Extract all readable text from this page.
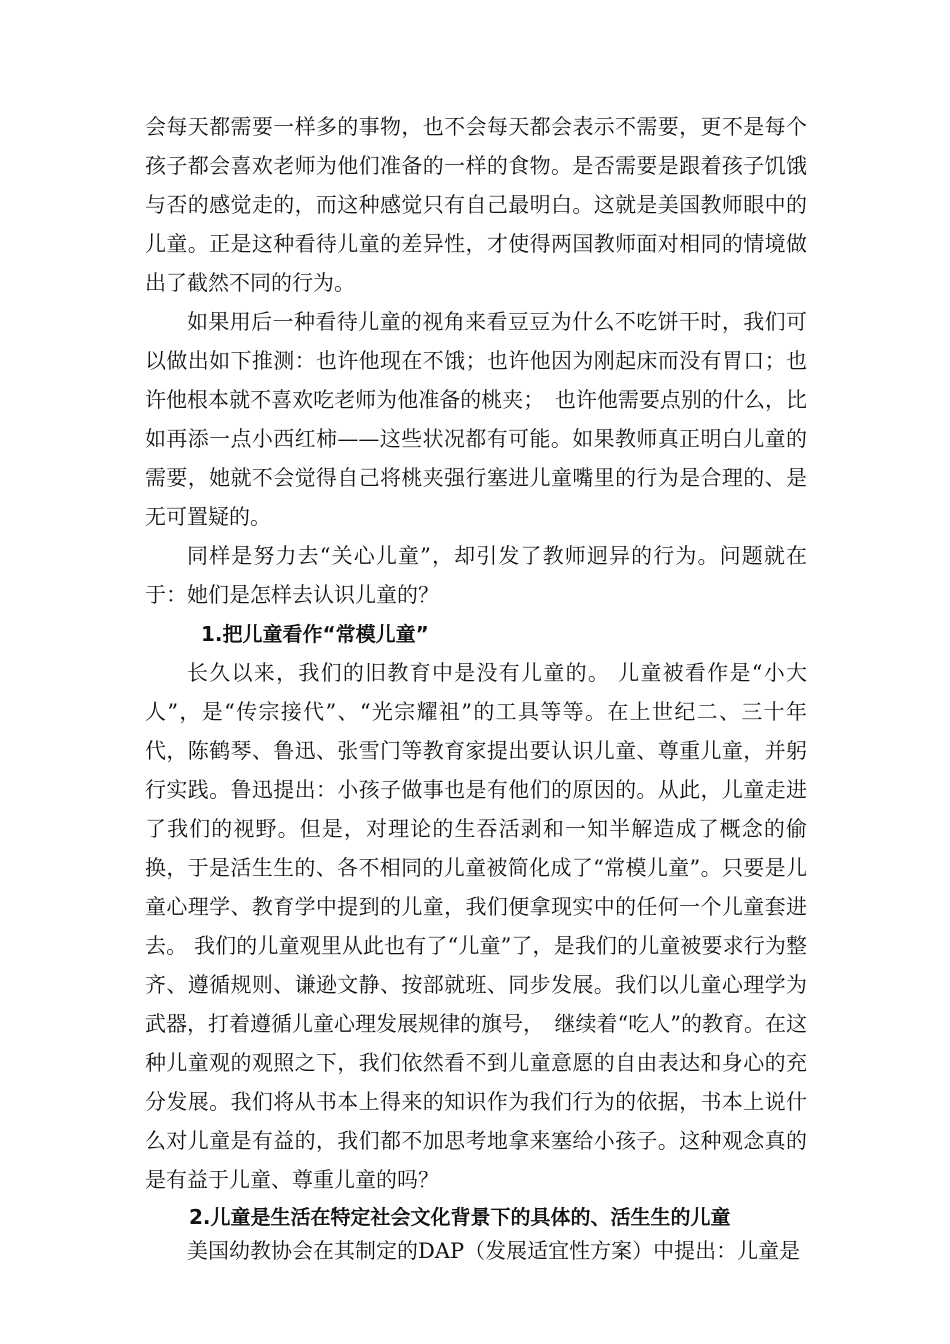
会每天都需要一样多的事物，也不会每天都会表示不需要，更不是每个孩子都会喜欢老师为他们准备的一样的食物。是否需要是跟着孩子饥饿与否的感觉走的，而这种感觉只有自己最明白。这就是美国教师眼中的儿童。正是这种看待儿童的差异性，才使得两国教师面对相同的情境做出了截然不同的行为。

如果用后一种看待儿童的视角来看豆豆为什么不吃饼干时，我们可以做出如下推测：也许他现在不饿；也许他因为刚起床而没有胃口；也许他根本就不喜欢吃老师为他准备的桃夹；　也许他需要点别的什么，比如再添一点小西红柿——这些状况都有可能。如果教师真正明白儿童的需要，她就不会觉得自己将桃夹强行塞进儿童嘴里的行为是合理的、是无可置疑的。

同样是努力去“关心儿童”，却引发了教师迥异的行为。问题就在于：她们是怎样去认识儿童的？

1.把儿童看作“常模儿童”

长久以来，我们的旧教育中是没有儿童的。 儿童被看作是“小大人”，是“传宗接代”、“光宗耀祖”的工具等等。在上世纪二、三十年代，陈鹤琴、鲁迅、张雪门等教育家提出要认识儿童、尊重儿童，并躬行实践。鲁迅提出：小孩子做事也是有他们的原因的。从此，儿童走进了我们的视野。但是，对理论的生吞活剥和一知半解造成了概念的偷换，于是活生生的、各不相同的儿童被简化成了“常模儿童”。只要是儿童心理学、教育学中提到的儿童，我们便拿现实中的任何一个儿童套进去。 我们的儿童观里从此也有了“儿童”了，是我们的儿童被要求行为整齐、遵循规则、谦逊文静、按部就班、同步发展。我们以儿童心理学为武器，打着遵循儿童心理发展规律的旗号，　继续着“吃人”的教育。在这种儿童观的观照之下，我们依然看不到儿童意愿的自由表达和身心的充分发展。我们将从书本上得来的知识作为我们行为的依据，书本上说什么对儿童是有益的，我们都不加思考地拿来塞给小孩子。这种观念真的是有益于儿童、尊重儿童的吗？

2.儿童是生活在特定社会文化背景下的具体的、活生生的儿童

美国幼教协会在其制定的DAP（发展适宜性方案）中提出：儿童是
